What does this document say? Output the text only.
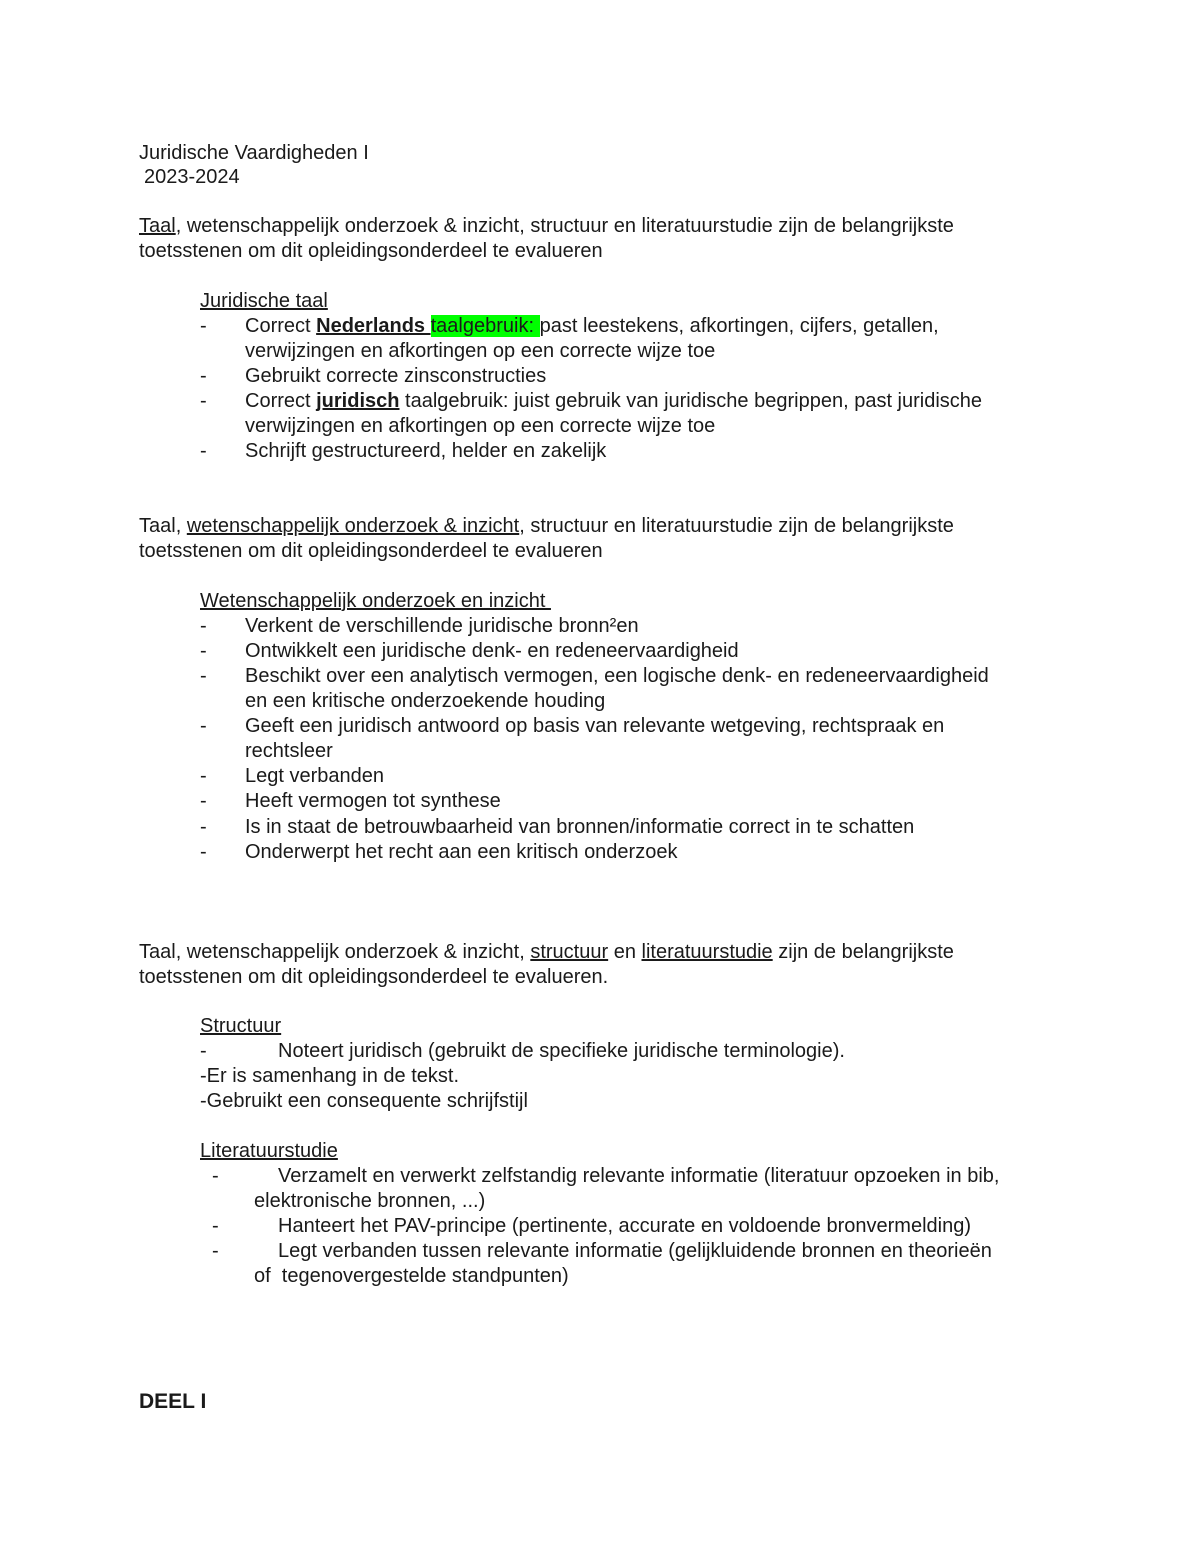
Juridische Vaardigheden I
2023-2024
Taal, wetenschappelijk onderzoek & inzicht, structuur en literatuurstudie zijn de belangrijkste
toetsstenen om dit opleidingsonderdeel te evalueren
Juridische taal
- Correct Nederlands taalgebruik: past leestekens, afkortingen, cijfers, getallen,
verwijzingen en afkortingen op een correcte wijze toe
- Gebruikt correcte zinsconstructies
- Correct juridisch taalgebruik: juist gebruik van juridische begrippen, past juridische
verwijzingen en afkortingen op een correcte wijze toe
- Schrijft gestructureerd, helder en zakelijk
Taal, wetenschappelijk onderzoek & inzicht, structuur en literatuurstudie zijn de belangrijkste
toetsstenen om dit opleidingsonderdeel te evalueren
Wetenschappelijk onderzoek en inzicht
- Verkent de verschillende juridische bronn²en
- Ontwikkelt een juridische denk- en redeneervaardigheid
- Beschikt over een analytisch vermogen, een logische denk- en redeneervaardigheid
en een kritische onderzoekende houding
- Geeft een juridisch antwoord op basis van relevante wetgeving, rechtspraak en
rechtsleer
- Legt verbanden
- Heeft vermogen tot synthese
- Is in staat de betrouwbaarheid van bronnen/informatie correct in te schatten
- Onderwerpt het recht aan een kritisch onderzoek
Taal, wetenschappelijk onderzoek & inzicht, structuur en literatuurstudie zijn de belangrijkste
toetsstenen om dit opleidingsonderdeel te evalueren.
Structuur
-	Noteert juridisch (gebruikt de specifieke juridische terminologie).
-Er is samenhang in de tekst.
-Gebruikt een consequente schrijfstijl
Literatuurstudie
-	Verzamelt en verwerkt zelfstandig relevante informatie (literatuur opzoeken in bib,
elektronische bronnen, ...)
-	Hanteert het PAV-principe (pertinente, accurate en voldoende bronvermelding)
-	Legt verbanden tussen relevante informatie (gelijkluidende bronnen en theorieën
of  tegenovergestelde standpunten)
DEEL I
